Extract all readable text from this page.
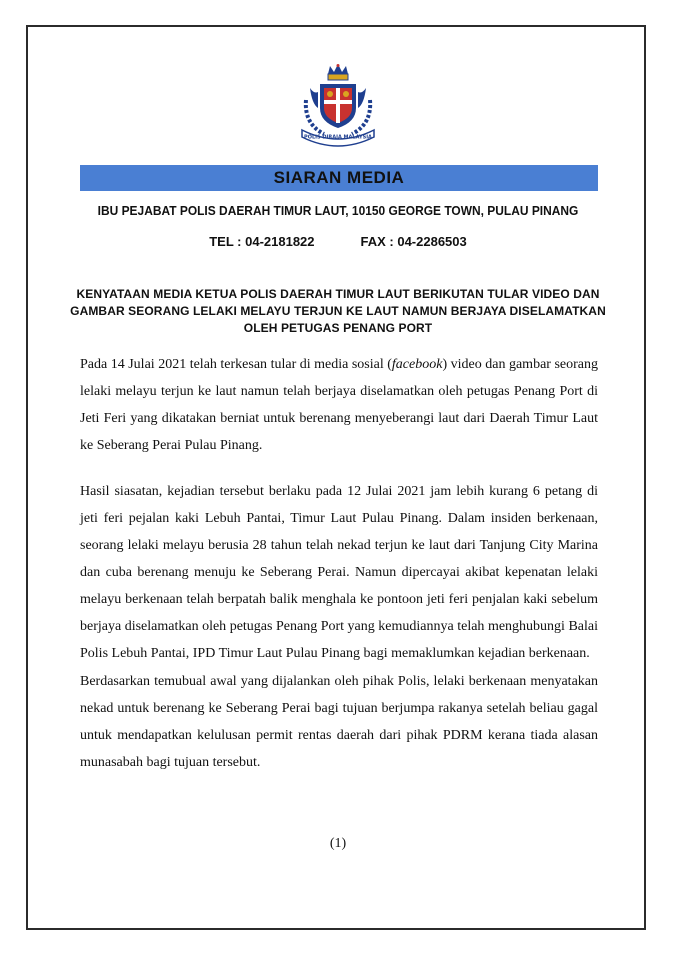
POLIS DIRAJA MALAYSIA
SIARAN MEDIA
IBU PEJABAT POLIS DAERAH TIMUR LAUT, 10150 GEORGE TOWN, PULAU PINANG
TEL : 04-2181822	FAX : 04-2286503
KENYATAAN MEDIA KETUA POLIS DAERAH TIMUR LAUT BERIKUTAN TULAR VIDEO DAN GAMBAR SEORANG LELAKI MELAYU TERJUN KE LAUT NAMUN BERJAYA DISELAMATKAN OLEH PETUGAS PENANG PORT
Pada 14 Julai 2021 telah terkesan tular di media sosial (facebook) video dan gambar seorang lelaki melayu terjun ke laut namun telah berjaya diselamatkan oleh petugas Penang Port di Jeti Feri yang dikatakan berniat untuk berenang menyeberangi laut dari Daerah Timur Laut ke Seberang Perai Pulau Pinang.
Hasil siasatan, kejadian tersebut berlaku pada 12 Julai 2021 jam lebih kurang 6 petang di jeti feri pejalan kaki Lebuh Pantai, Timur Laut Pulau Pinang. Dalam insiden berkenaan, seorang lelaki melayu berusia 28 tahun telah nekad terjun ke laut dari Tanjung City Marina dan cuba berenang menuju ke Seberang Perai. Namun dipercayai akibat kepenatan lelaki melayu berkenaan telah berpatah balik menghala ke pontoon jeti feri penjalan kaki sebelum berjaya diselamatkan oleh petugas Penang Port yang kemudiannya telah menghubungi Balai Polis Lebuh Pantai, IPD Timur Laut Pulau Pinang bagi memaklumkan kejadian berkenaan.
Berdasarkan temubual awal yang dijalankan oleh pihak Polis, lelaki berkenaan menyatakan nekad untuk berenang ke Seberang Perai bagi tujuan berjumpa rakanya setelah beliau gagal untuk mendapatkan kelulusan permit rentas daerah dari pihak PDRM kerana tiada alasan munasabah bagi tujuan tersebut.
(1)
